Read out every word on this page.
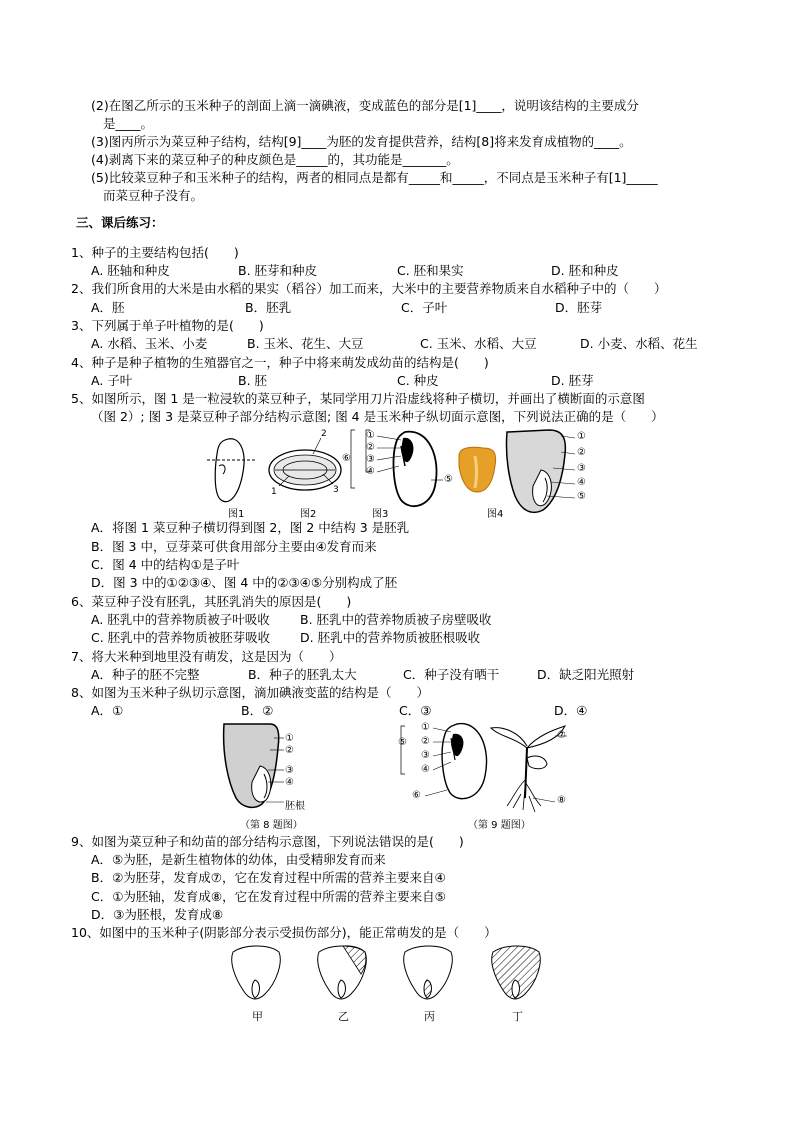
(2)在图乙所示的玉米种子的剖面上滴一滴碘液，变成蓝色的部分是[1]____，说明该结构的主要成分
是____。
(3)图丙所示为菜豆种子结构，结构[9]____为胚的发育提供营养，结构[8]将来发育成植物的____。
(4)剥离下来的菜豆种子的种皮颜色是_____的，其功能是_______。
(5)比较菜豆种子和玉米种子的结构，两者的相同点是都有_____和_____，不同点是玉米种子有[1]_____
而菜豆种子没有。
三、课后练习：
1、种子的主要结构包括(　　)
A. 胚轴和种皮	B. 胚芽和种皮	C. 胚和果实	D. 胚和种皮
2、我们所食用的大米是由水稻的果实（稻谷）加工而来，大米中的主要营养物质来自水稻种子中的（　　）
A．胚	B．胚乳	C．子叶	D．胚芽
3、下列属于单子叶植物的是(　　)
A. 水稻、玉米、小麦	B. 玉米、花生、大豆	C. 玉米、水稻、大豆	D. 小麦、水稻、花生
4、种子是种子植物的生殖器官之一，种子中将来萌发成幼苗的结构是(　　)
A. 子叶	B. 胚	C. 种皮	D. 胚芽
5、如图所示，图 1 是一粒浸软的菜豆种子，某同学用刀片沿虚线将种子横切，并画出了横断面的示意图
（图 2）; 图 3 是菜豆种子部分结构示意图; 图 4 是玉米种子纵切面示意图，下列说法正确的是（　　）
2
3
1
图1	图2	图3	图4
①
②
③
④
⑥
⑤
①
②
③
④
⑤
A．将图 1 菜豆种子横切得到图 2，图 2 中结构 3 是胚乳
B．图 3 中，豆芽菜可供食用部分主要由④发育而来
C．图 4 中的结构①是子叶
D．图 3 中的①②③④、图 4 中的②③④⑤分别构成了胚
6、菜豆种子没有胚乳，其胚乳消失的原因是(　　)
A. 胚乳中的营养物质被子叶吸收 B. 胚乳中的营养物质被子房壁吸收
C. 胚乳中的营养物质被胚芽吸收 D. 胚乳中的营养物质被胚根吸收
7、将大米种到地里没有萌发，这是因为（　　）
A．种子的胚不完整	B．种子的胚乳太大	C．种子没有晒干	D．缺乏阳光照射
8、如图为玉米种子纵切示意图，滴加碘液变蓝的结构是（　　）
A．①	B．②	C．③	D．④
①
②
③
④
胚根
（第 8 题图）
①
②
③
④
⑤
⑥
⑦
⑧
（第 9 题图）
9、如图为菜豆种子和幼苗的部分结构示意图，下列说法错误的是(　　)
A．⑤为胚，是新生植物体的幼体，由受精卵发育而来
B．②为胚芽，发育成⑦，它在发育过程中所需的营养主要来自④
C．①为胚轴，发育成⑧，它在发育过程中所需的营养主要来自⑤
D．③为胚根，发育成⑧
10、如图中的玉米种子(阴影部分表示受损伤部分)，能正常萌发的是（　　）
甲	乙	丙	丁
